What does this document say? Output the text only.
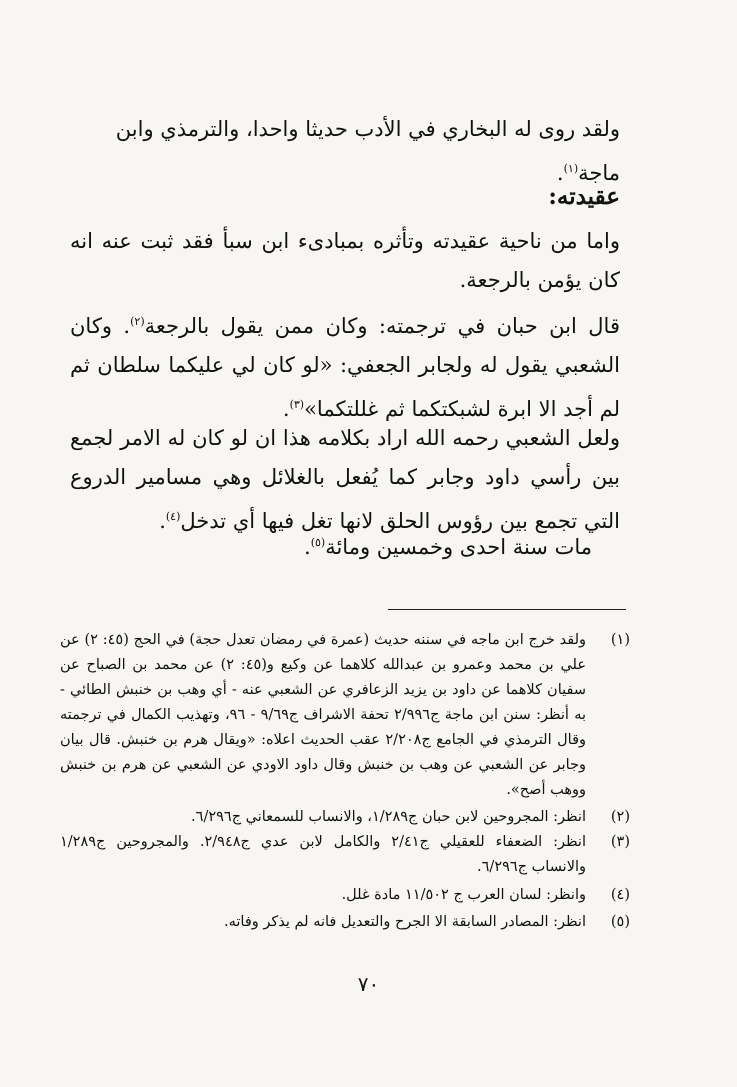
ولقد روى له البخاري في الأدب حديثا واحدا، والترمذي وابن
ماجة$^{(١)}$.

عقيدته:

واما من ناحية عقيدته وتأثره بمبادىء ابن سبأ فقد ثبت عنه انه كان يؤمن بالرجعة.

قال ابن حبان في ترجمته: وكان ممن يقول بالرجعة$^{(٢)}$. وكان الشعبي يقول له ولجابر الجعفي: «لو كان لي عليكما سلطان ثم لم أجد الا ابرة لشبكتكما ثم غللتكما»$^{(٣)}$.

ولعل الشعبي رحمه الله اراد بكلامه هذا ان لو كان له الامر لجمع بين رأسي داود وجابر كما يُفعل بالغلائل وهي مسامير الدروع التي تجمع بين رؤوس الحلق لانها تغل فيها أي تدخل$^{(٤)}$.

مات سنة احدى وخمسين ومائة$^{(٥)}$.

(١)
ولقد خرج ابن ماجه في سننه حديث (عمرة في رمضان تعدل حجة) في الحج (٤٥: ٢) عن علي بن محمد وعمرو بن عبدالله كلاهما عن وكيع و(٤٥: ٢) عن محمد بن الصباح عن سفيان كلاهما عن داود بن يزيد الزعافري عن الشعبي عنه - أي وهب بن خنبش الطائي - به أنظر: سنن ابن ماجة ج٢/٩٩٦ تحفة الاشراف ج٩/٦٩ - ٩٦، وتهذيب الكمال في ترجمته وقال الترمذي في الجامع ج٢/٢٠٨ عقب الحديث اعلاه: «ويقال هرم بن خنبش. قال بيان وجابر عن الشعبي عن وهب بن خنبش وقال داود الاودي عن الشعبي عن هرم بن خنبش ووهب أصح».
(٢)
انظر: المجروحين لابن حبان ج١/٢٨٩، والانساب للسمعاني ج٦/٢٩٦.
(٣)
انظر: الضعفاء للعقيلي ج٢/٤١ والكامل لابن عدي ج٢/٩٤٨. والمجروحين ج١/٢٨٩ والانساب ج٦/٢٩٦.
(٤)
وانظر: لسان العرب ج ١١/٥٠٢ مادة غلل.
(٥)
انظر: المصادر السابقة الا الجرح والتعديل فانه لم يذكر وفاته.
٧٠
